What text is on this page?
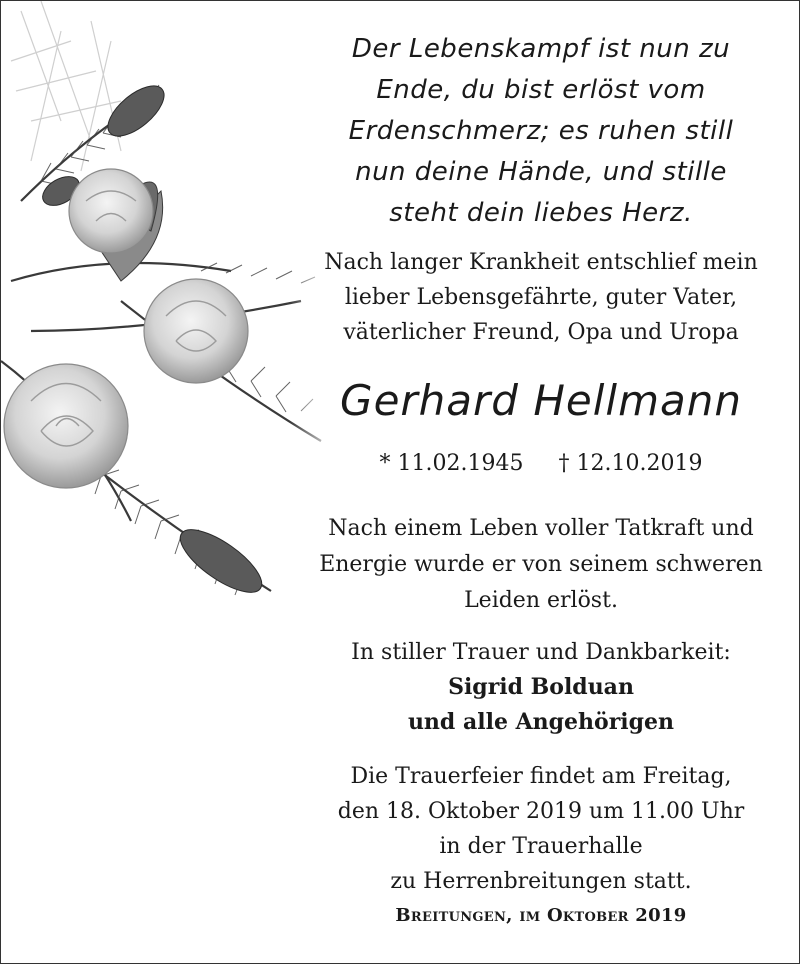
Der Lebenskampf ist nun zu
Ende, du bist erlöst vom
Erdenschmerz; es ruhen still
nun deine Hände, und stille
steht dein liebes Herz.
Nach langer Krankheit entschlief mein
lieber Lebensgefährte, guter Vater,
väterlicher Freund, Opa und Uropa
Gerhard Hellmann
* 11.02.1945 † 12.10.2019
Nach einem Leben voller Tatkraft und
Energie wurde er von seinem schweren
Leiden erlöst.
In stiller Trauer und Dankbarkeit:
Sigrid Bolduan
und alle Angehörigen
Die Trauerfeier findet am Freitag,
den 18. Oktober 2019 um 11.00 Uhr
in der Trauerhalle
zu Herrenbreitungen statt.
Breitungen, im Oktober 2019
